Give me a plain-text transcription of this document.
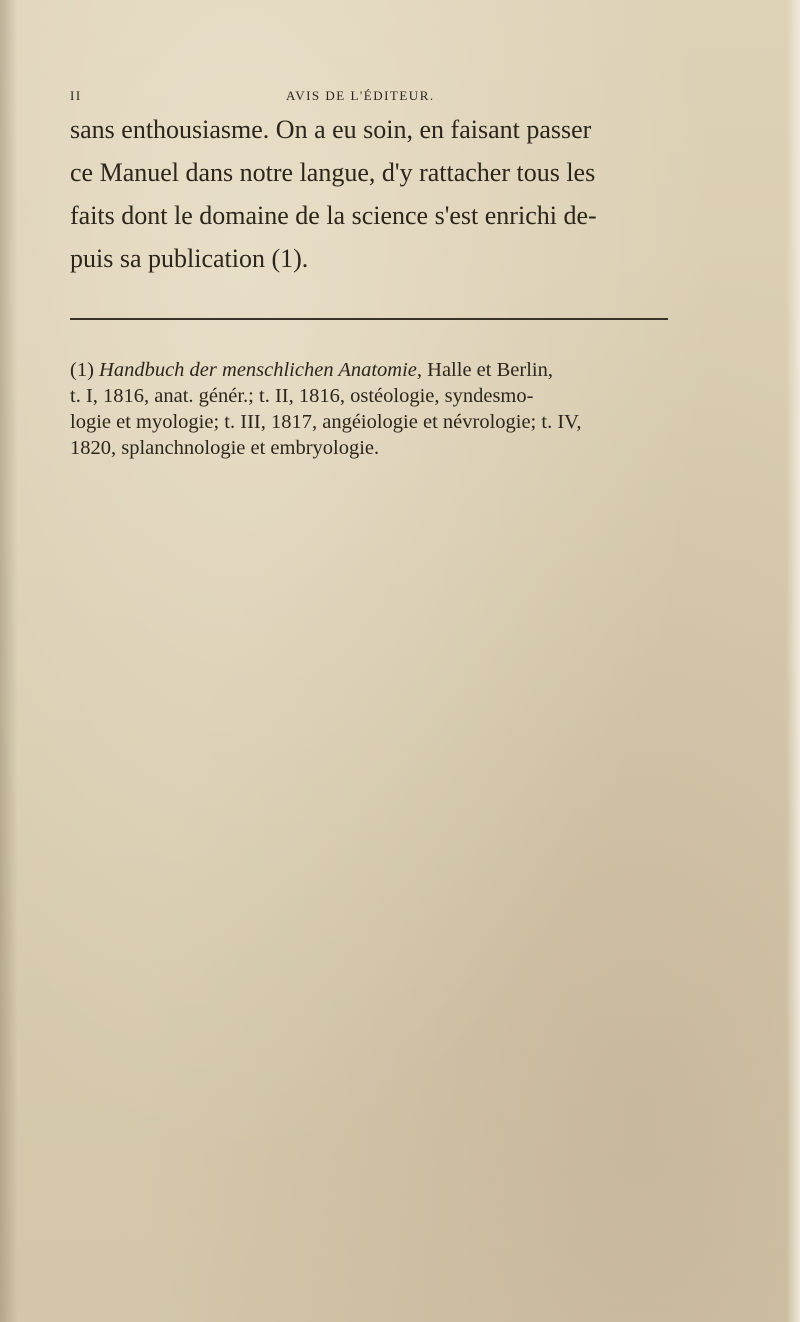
II	AVIS DE L'ÉDITEUR.
sans enthousiasme. On a eu soin, en faisant passer
ce Manuel dans notre langue, d'y rattacher tous les
faits dont le domaine de la science s'est enrichi de-
puis sa publication (1).
(1) Handbuch der menschlichen Anatomie, Halle et Berlin,
t. I, 1816, anat. génér.; t. II, 1816, ostéologie, syndesmo-
logie et myologie; t. III, 1817, angéiologie et névrologie; t. IV,
1820, splanchnologie et embryologie.
